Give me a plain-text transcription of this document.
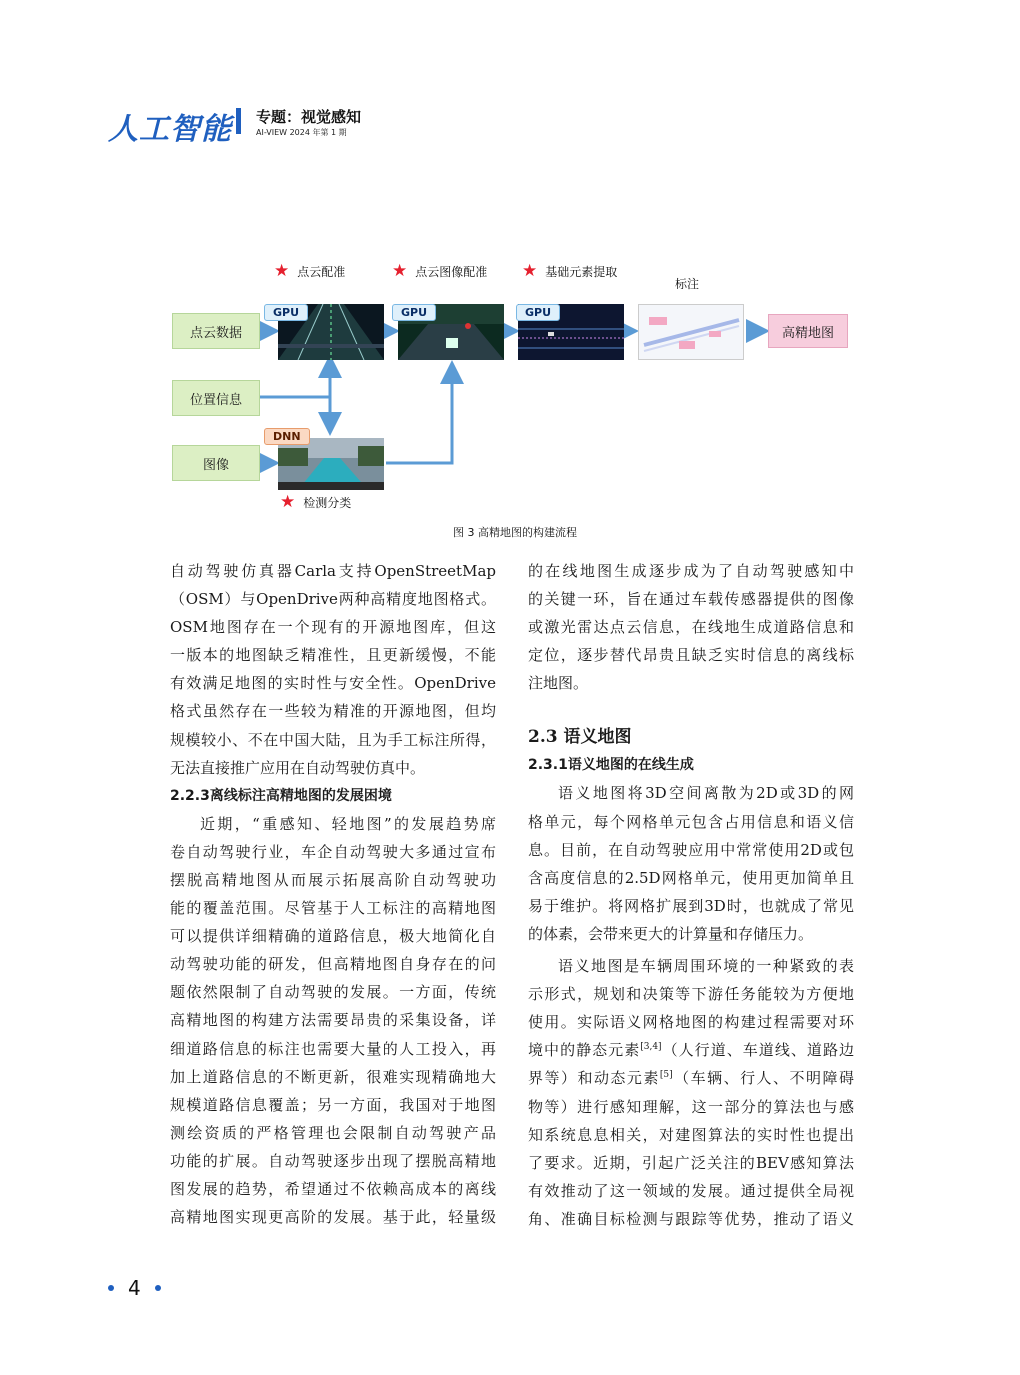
人工智能 专题：视觉感知
AI-VIEW 2024 年第 1 期
点云数据
位置信息
图像
高精地图
GPU	GPU	GPU
DNN
★ 点云配准	★ 点云图像配准 ★ 基础元素提取
标注
★ 检测分类
图 3 高精地图的构建流程

自动驾驶仿真器Carla支持OpenStreetMap

（OSM）与OpenDrive两种高精度地图格式。

OSM地图存在一个现有的开源地图库，但这

一版本的地图缺乏精准性，且更新缓慢，不能

有效满足地图的实时性与安全性。OpenDrive

格式虽然存在一些较为精准的开源地图，但均

规模较小、不在中国大陆，且为手工标注所得，

无法直接推广应用在自动驾驶仿真中。

2.2.3离线标注高精地图的发展困境

近期，“重感知、轻地图”的发展趋势席

卷自动驾驶行业，车企自动驾驶大多通过宣布

摆脱高精地图从而展示拓展高阶自动驾驶功

能的覆盖范围。尽管基于人工标注的高精地图

可以提供详细精确的道路信息，极大地简化自

动驾驶功能的研发，但高精地图自身存在的问

题依然限制了自动驾驶的发展。一方面，传统

高精地图的构建方法需要昂贵的采集设备，详

细道路信息的标注也需要大量的人工投入，再

加上道路信息的不断更新，很难实现精确地大

规模道路信息覆盖；另一方面，我国对于地图

测绘资质的严格管理也会限制自动驾驶产品

功能的扩展。自动驾驶逐步出现了摆脱高精地

图发展的趋势，希望通过不依赖高成本的离线

高精地图实现更高阶的发展。基于此，轻量级

的在线地图生成逐步成为了自动驾驶感知中

的关键一环，旨在通过车载传感器提供的图像

或激光雷达点云信息，在线地生成道路信息和

定位，逐步替代昂贵且缺乏实时信息的离线标

注地图。

2.3 语义地图

2.3.1语义地图的在线生成

语义地图将3D空间离散为2D或3D的网

格单元，每个网格单元包含占用信息和语义信

息。目前，在自动驾驶应用中常常使用2D或包

含高度信息的2.5D网格单元，使用更加简单且

易于维护。将网格扩展到3D时，也就成了常见

的体素，会带来更大的计算量和存储压力。

语义地图是车辆周围环境的一种紧致的表

示形式，规划和决策等下游任务能较为方便地

使用。实际语义网格地图的构建过程需要对环

境中的静态元素[3,4]（人行道、车道线、道路边

界等）和动态元素[5]（车辆、行人、不明障碍

物等）进行感知理解，这一部分的算法也与感

知系统息息相关，对建图算法的实时性也提出

了要求。近期，引起广泛关注的BEV感知算法

有效推动了这一领域的发展。通过提供全局视

角、准确目标检测与跟踪等优势，推动了语义

4
